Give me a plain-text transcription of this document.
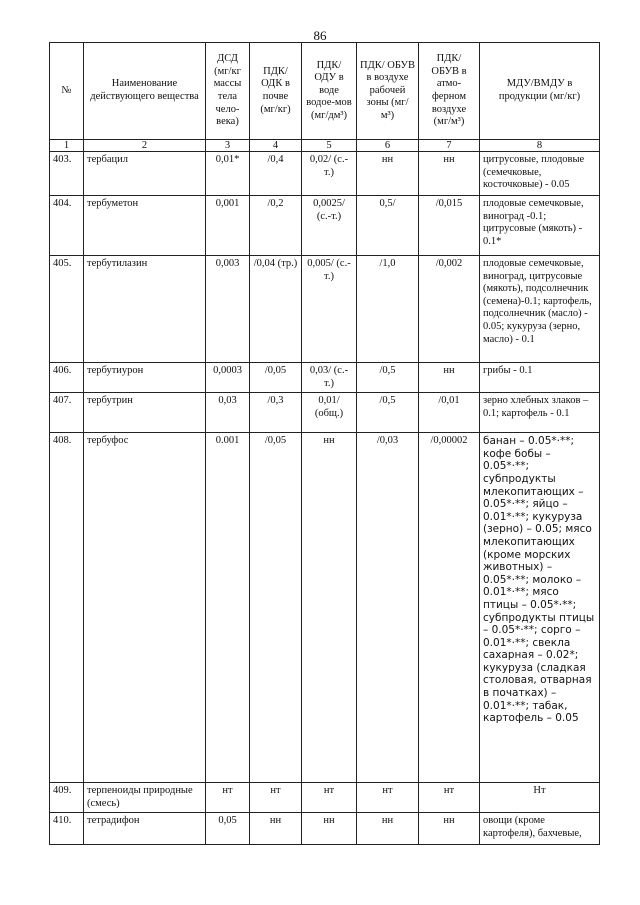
86
№	Наименование действующего вещества	ДСД (мг/кг массы тела чело-века)	ПДК/ ОДК в почве (мг/кг)	ПДК/ ОДУ в воде водое-мов (мг/дм³)	ПДК/ ОБУВ в воздухе рабочей зоны (мг/м³)	ПДК/ ОБУВ в атмо-ферном воздухе (мг/м³)	МДУ/ВМДУ в продукции (мг/кг)
1	2	3	4	5	6	7	8
403.	тербацил	0,01*	/0,4	0,02/ (с.-т.)	нн	нн	цитрусовые, плодовые (семечковые, косточковые) - 0.05
404.	тербуметон	0,001	/0,2	0,0025/ (с.-т.)	0,5/	/0,015	плодовые семечковые, виноград -0.1; цитрусовые (мякоть) - 0.1*
405.	тербутилазин	0,003	/0,04 (тр.)	0,005/ (с.-т.)	/1,0	/0,002	плодовые семечковые, виноград, цитрусовые (мякоть), подсолнечник (семена)-0.1; картофель, подсолнечник (масло) - 0.05; кукуруза (зерно, масло) - 0.1
406.	тербутиурон	0,0003	/0,05	0,03/ (с.-т.)	/0,5	нн	грибы - 0.1
407.	тербутрин	0,03	/0,3	0,01/ (общ.)	/0,5	/0,01	зерно хлебных злаков – 0.1; картофель - 0.1
408.	тербуфос	0.001	/0,05	нн	/0,03	/0,00002	банан – 0.05*·**; кофе бобы – 0.05*·**; субпродукты млекопитающих – 0.05*·**; яйцо – 0.01*·**; кукуруза (зерно) – 0.05; мясо млекопитающих (кроме морских животных) – 0.05*·**; молоко – 0.01*·**; мясо птицы – 0.05*·**; субпродукты птицы – 0.05*·**; сорго – 0.01*·**; свекла сахарная – 0.02*; кукуруза (сладкая столовая, отварная в початках) – 0.01*·**; табак, картофель – 0.05
409.	терпеноиды природные (смесь)	нт	нт	нт	нт	нт	Нт
410.	тетрадифон	0,05	нн	нн	нн	нн	овощи (кроме картофеля), бахчевые,
